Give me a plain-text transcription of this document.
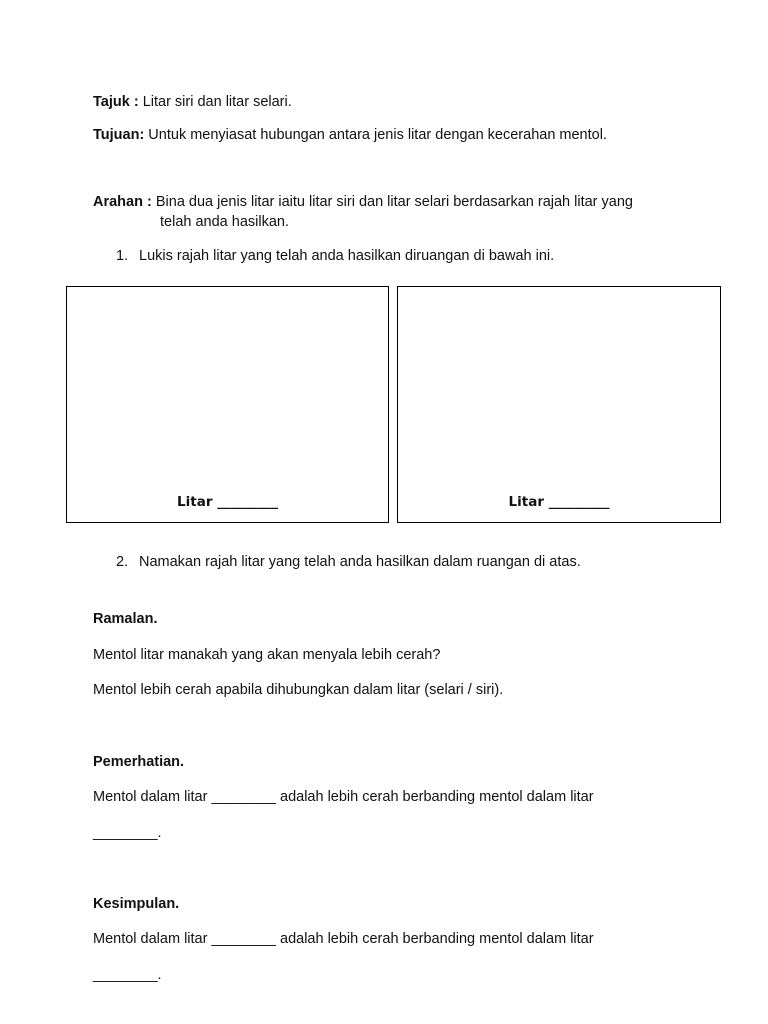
Tajuk : Litar siri dan litar selari.
Tujuan: Untuk menyiasat hubungan antara jenis litar dengan kecerahan mentol.
Arahan : Bina dua jenis litar iaitu litar siri dan litar selari berdasarkan rajah litar yang
telah anda hasilkan.
1. Lukis rajah litar yang telah anda hasilkan diruangan di bawah ini.
Litar _________	Litar _________
2. Namakan rajah litar yang telah anda hasilkan dalam ruangan di atas.
Ramalan.
Mentol litar manakah yang akan menyala lebih cerah?
Mentol lebih cerah apabila dihubungkan dalam litar (selari / siri).
Pemerhatian.
Mentol dalam litar ________ adalah lebih cerah berbanding mentol dalam litar
________.
Kesimpulan.
Mentol dalam litar ________ adalah lebih cerah berbanding mentol dalam litar
________.
